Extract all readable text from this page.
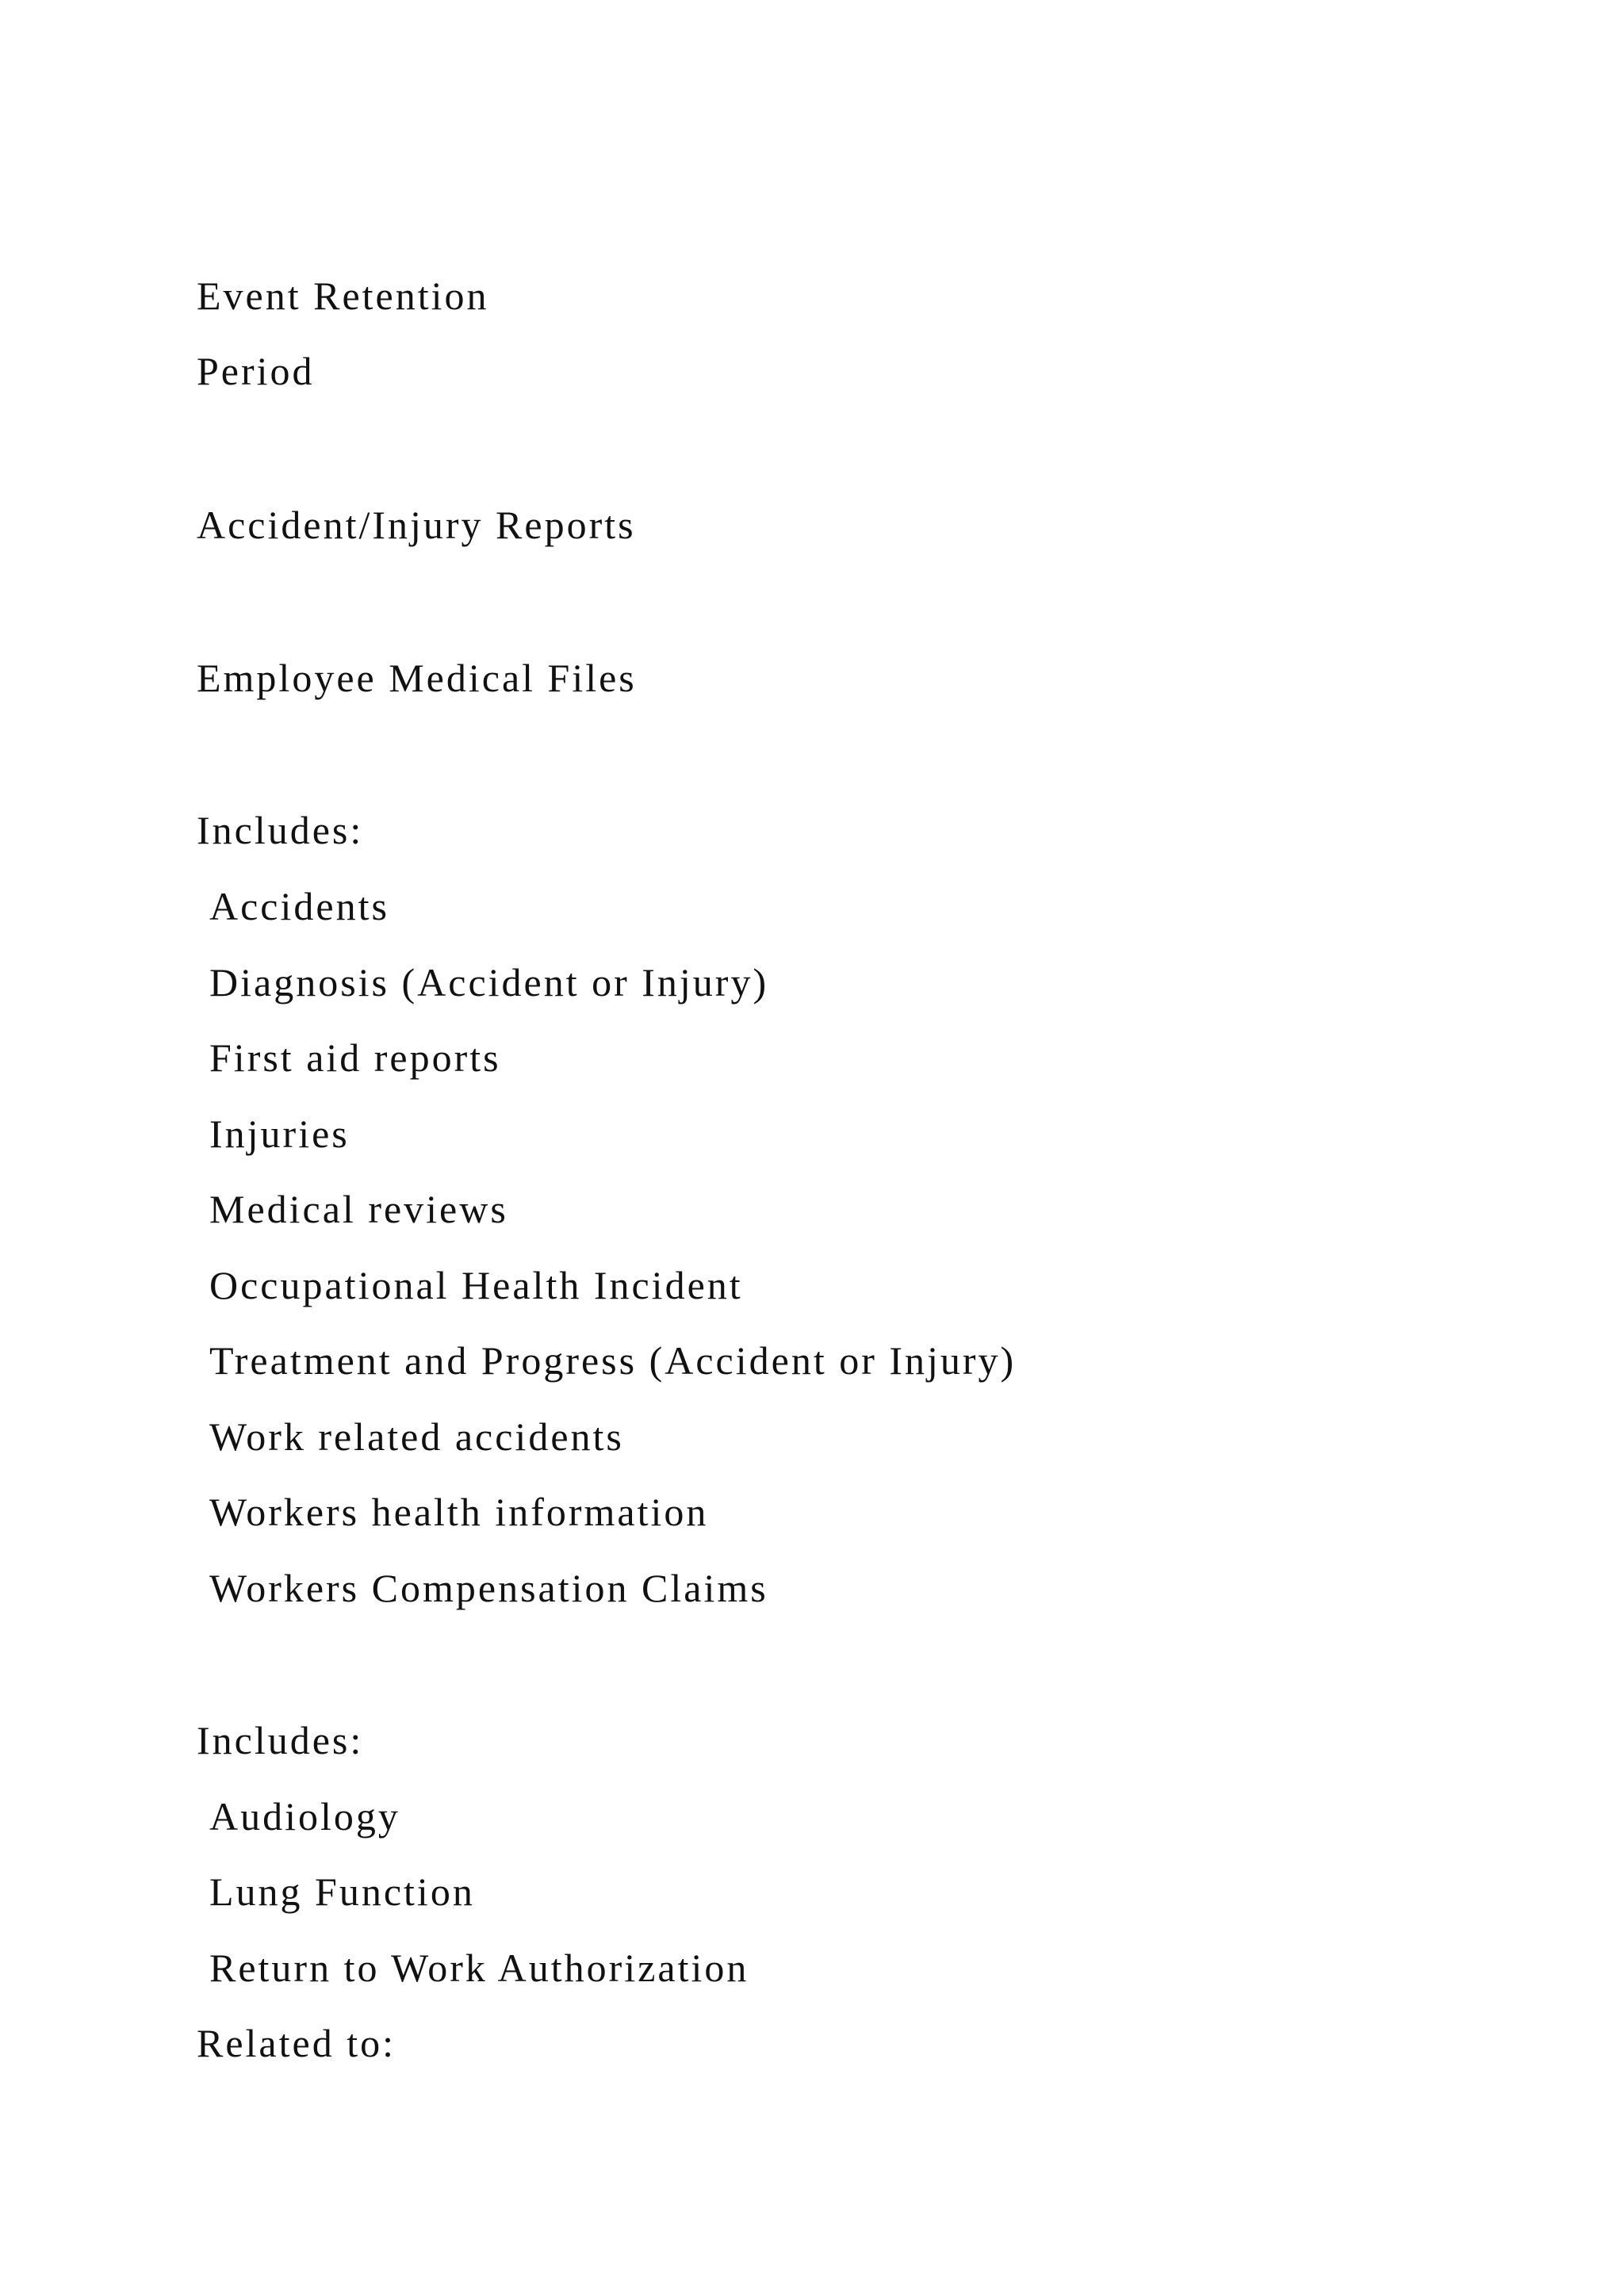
Event Retention
Period
Accident/Injury Reports
Employee Medical Files
Includes:
Accidents
Diagnosis (Accident or Injury)
First aid reports
Injuries
Medical reviews
Occupational Health Incident
Treatment and Progress (Accident or Injury)
Work related accidents
Workers health information
Workers Compensation Claims
Includes:
Audiology
Lung Function
Return to Work Authorization
Related to:
